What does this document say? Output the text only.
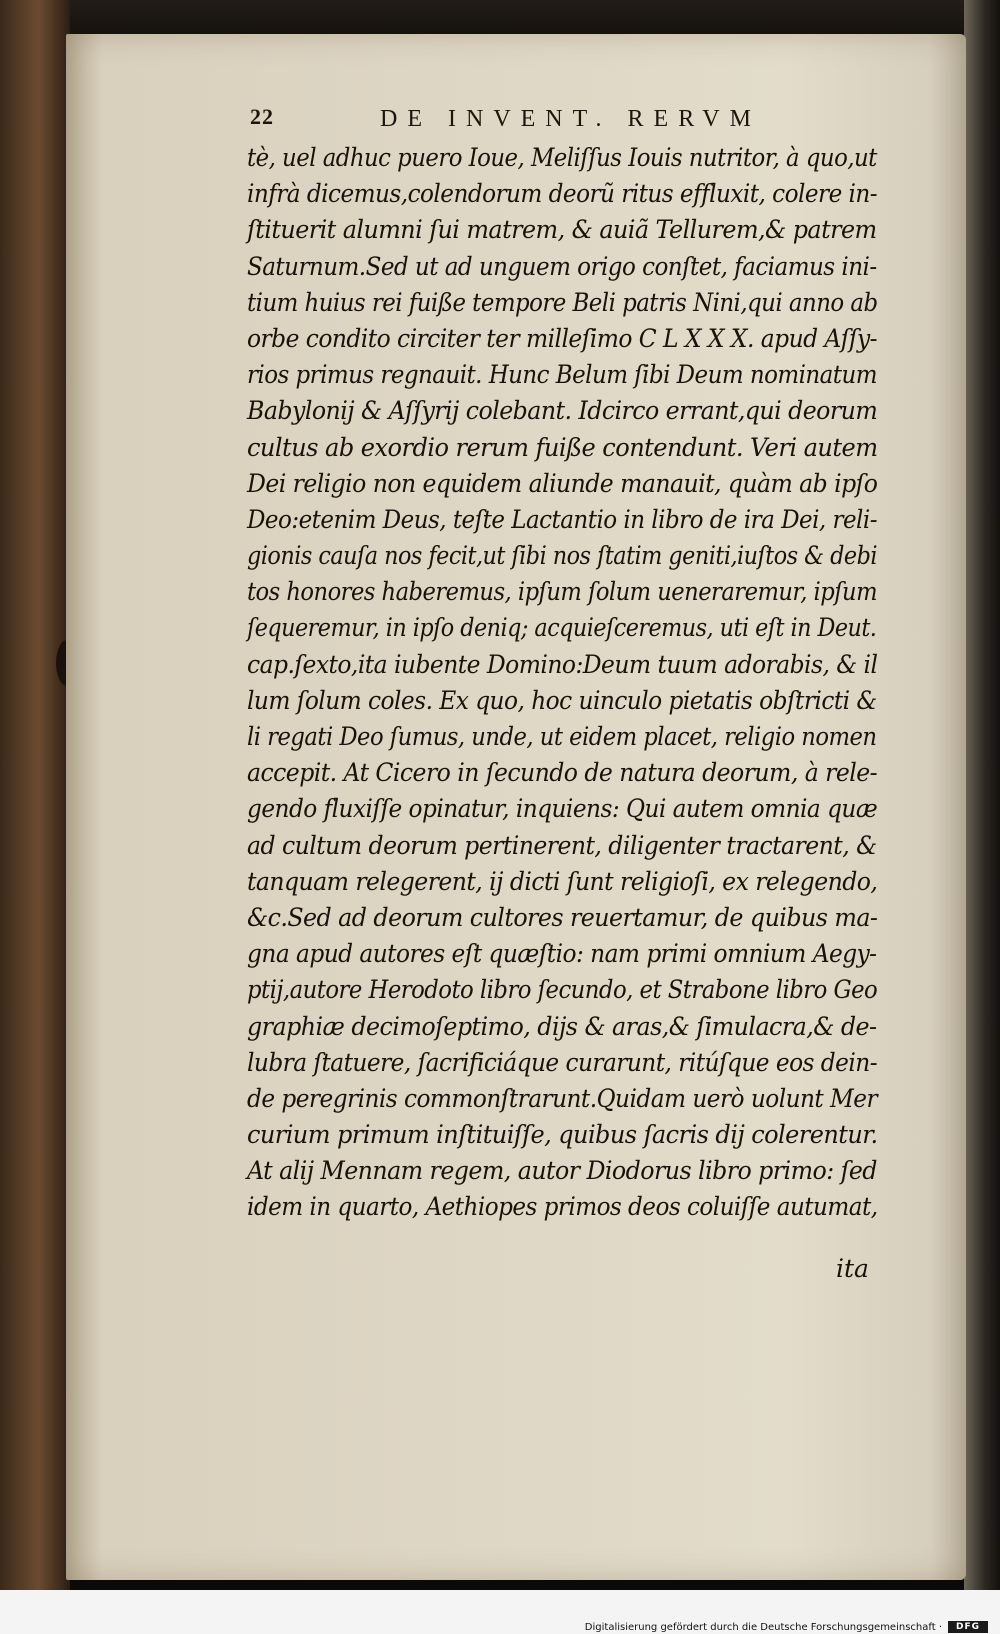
22	DE INVENT. RERVM
tè, uel adhuc puero Ioue, Meliſſus Iouis nutritor, à quo,ut
infrà dicemus,colendorum deorũ ritus effluxit, colere in-
ſtituerit alumni ſui matrem, & auiã Tellurem,& patrem
Saturnum.Sed ut ad unguem origo conſtet, faciamus ini-
tium huius rei fuiße tempore Beli patris Nini,qui anno ab
orbe condito circiter ter milleſimo C L X X X. apud Aſſy-
rios primus regnauit. Hunc Belum ſibi Deum nominatum
Babylonij & Aſſyrij colebant. Idcirco errant,qui deorum
cultus ab exordio rerum fuiße contendunt. Veri autem
Dei religio non equidem aliunde manauit, quàm ab ipſo
Deo:etenim Deus, teſte Lactantio in libro de ira Dei, reli-
gionis cauſa nos fecit,ut ſibi nos ſtatim geniti,iuſtos & debi
tos honores haberemus, ipſum ſolum ueneraremur, ipſum
ſequeremur, in ipſo deniq; acquieſceremus, uti eſt in Deut.
cap.ſexto,ita iubente Domino:Deum tuum adorabis, & il
lum ſolum coles. Ex quo, hoc uinculo pietatis obſtricti &
li regati Deo ſumus, unde, ut eidem placet, religio nomen
accepit. At Cicero in ſecundo de natura deorum, à rele-
gendo fluxiſſe opinatur, inquiens: Qui autem omnia quæ
ad cultum deorum pertinerent, diligenter tractarent, &
tanquam relegerent, ij dicti ſunt religioſi, ex relegendo,
&c.Sed ad deorum cultores reuertamur, de quibus ma-
gna apud autores eſt quæſtio: nam primi omnium Aegy-
ptij,autore Herodoto libro ſecundo, et Strabone libro Geo
graphiæ decimoſeptimo, dijs & aras,& ſimulacra,& de-
lubra ſtatuere, ſacrificiáque curarunt, ritúſque eos dein-
de peregrinis commonſtrarunt.Quidam uerò uolunt Mer
curium primum inſtituiſſe, quibus ſacris dij colerentur.
At alij Mennam regem, autor Diodorus libro primo: ſed
idem in quarto, Aethiopes primos deos coluiſſe autumat,
ita
Digitalisierung gefördert durch die Deutsche Forschungsgemeinschaft ·	DFG
